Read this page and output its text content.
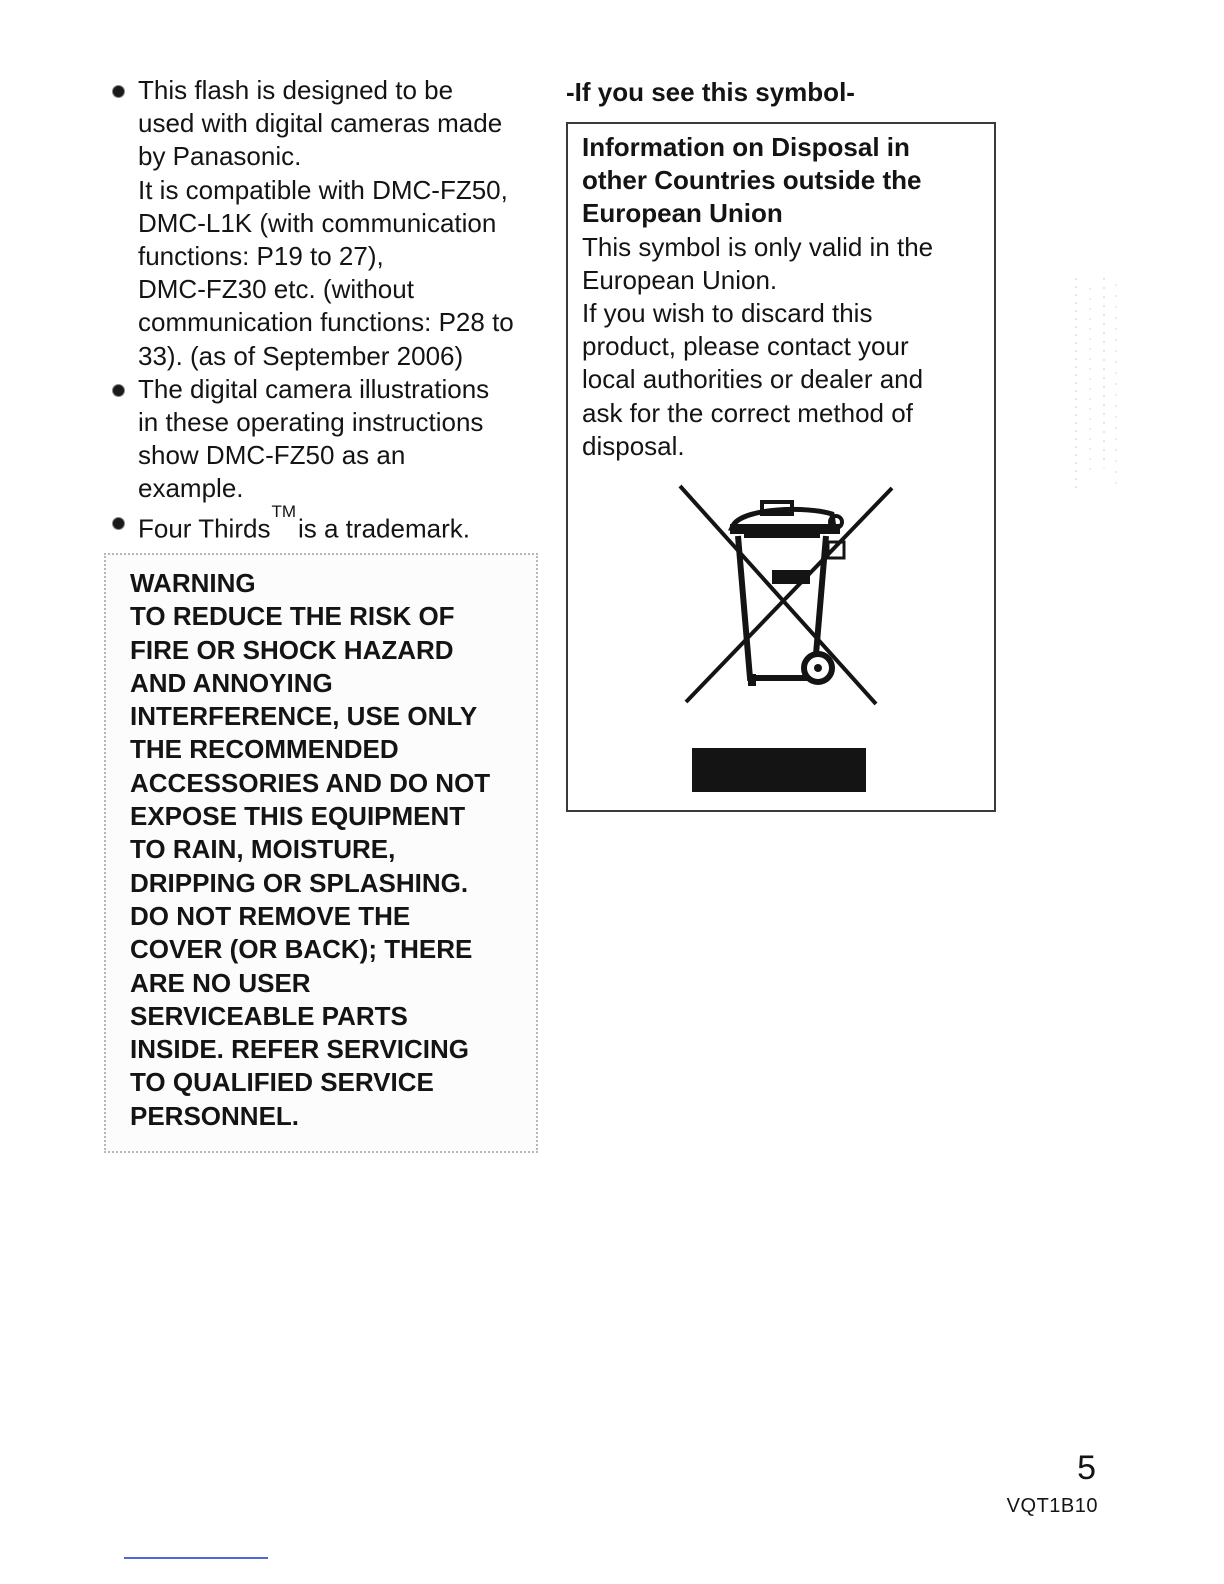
This flash is designed to be
used with digital cameras made
by Panasonic.
It is compatible with DMC-FZ50,
DMC-L1K (with communication
functions: P19 to 27),
DMC-FZ30 etc. (without
communication functions: P28 to
33). (as of September 2006)
The digital camera illustrations
in these operating instructions
show DMC-FZ50 as an
example.
Four Thirds™is a trademark.
WARNING
TO REDUCE THE RISK OF
FIRE OR SHOCK HAZARD
AND ANNOYING
INTERFERENCE, USE ONLY
THE RECOMMENDED
ACCESSORIES AND DO NOT
EXPOSE THIS EQUIPMENT
TO RAIN, MOISTURE,
DRIPPING OR SPLASHING.
DO NOT REMOVE THE
COVER (OR BACK); THERE
ARE NO USER
SERVICEABLE PARTS
INSIDE. REFER SERVICING
TO QUALIFIED SERVICE
PERSONNEL.
-If you see this symbol-
Information on Disposal in
other Countries outside the
European Union
This symbol is only valid in the
European Union.
If you wish to discard this
product, please contact your
local authorities or dealer and
ask for the correct method of
disposal.
5
VQT1B10
